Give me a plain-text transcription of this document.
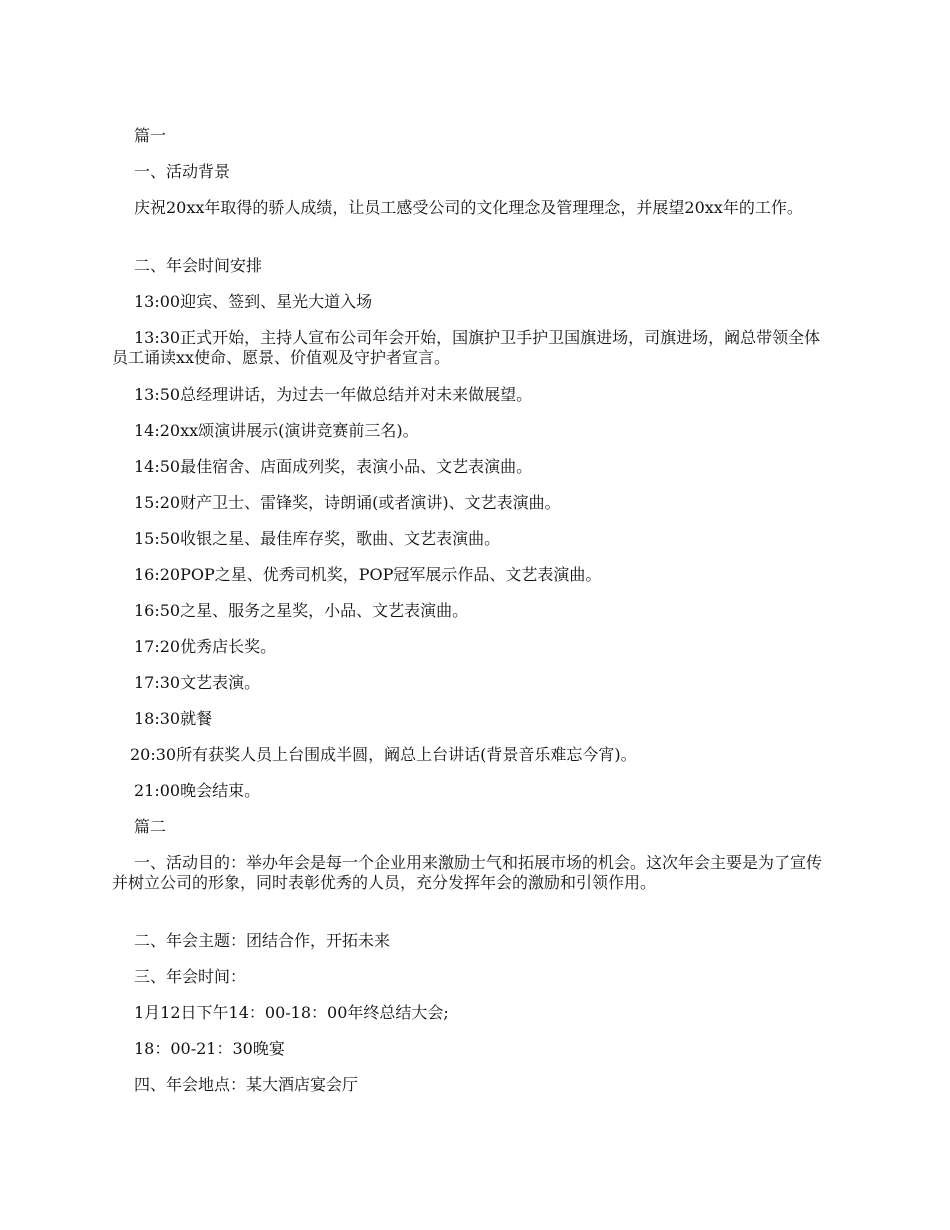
篇一
一、活动背景
庆祝20xx年取得的骄人成绩，让员工感受公司的文化理念及管理理念，并展望20xx年的工作。
二、年会时间安排
13:00迎宾、签到、星光大道入场
13:30正式开始，主持人宣布公司年会开始，国旗护卫手护卫国旗进场，司旗进场，阚总带领全体员工诵读xx使命、愿景、价值观及守护者宣言。
13:50总经理讲话，为过去一年做总结并对未来做展望。
14:20xx颂演讲展示(演讲竞赛前三名)。
14:50最佳宿舍、店面成列奖，表演小品、文艺表演曲。
15:20财产卫士、雷锋奖，诗朗诵(或者演讲)、文艺表演曲。
15:50收银之星、最佳库存奖，歌曲、文艺表演曲。
16:20POP之星、优秀司机奖，POP冠军展示作品、文艺表演曲。
16:50之星、服务之星奖，小品、文艺表演曲。
17:20优秀店长奖。
17:30文艺表演。
18:30就餐
20:30所有获奖人员上台围成半圆，阚总上台讲话(背景音乐难忘今宵)。
21:00晚会结束。
篇二
一、活动目的：举办年会是每一个企业用来激励士气和拓展市场的机会。这次年会主要是为了宣传并树立公司的形象，同时表彰优秀的人员，充分发挥年会的激励和引领作用。
二、年会主题：团结合作，开拓未来
三、年会时间：
1月12日下午14：00-18：00年终总结大会;
18：00-21：30晚宴
四、年会地点：某大酒店宴会厅
